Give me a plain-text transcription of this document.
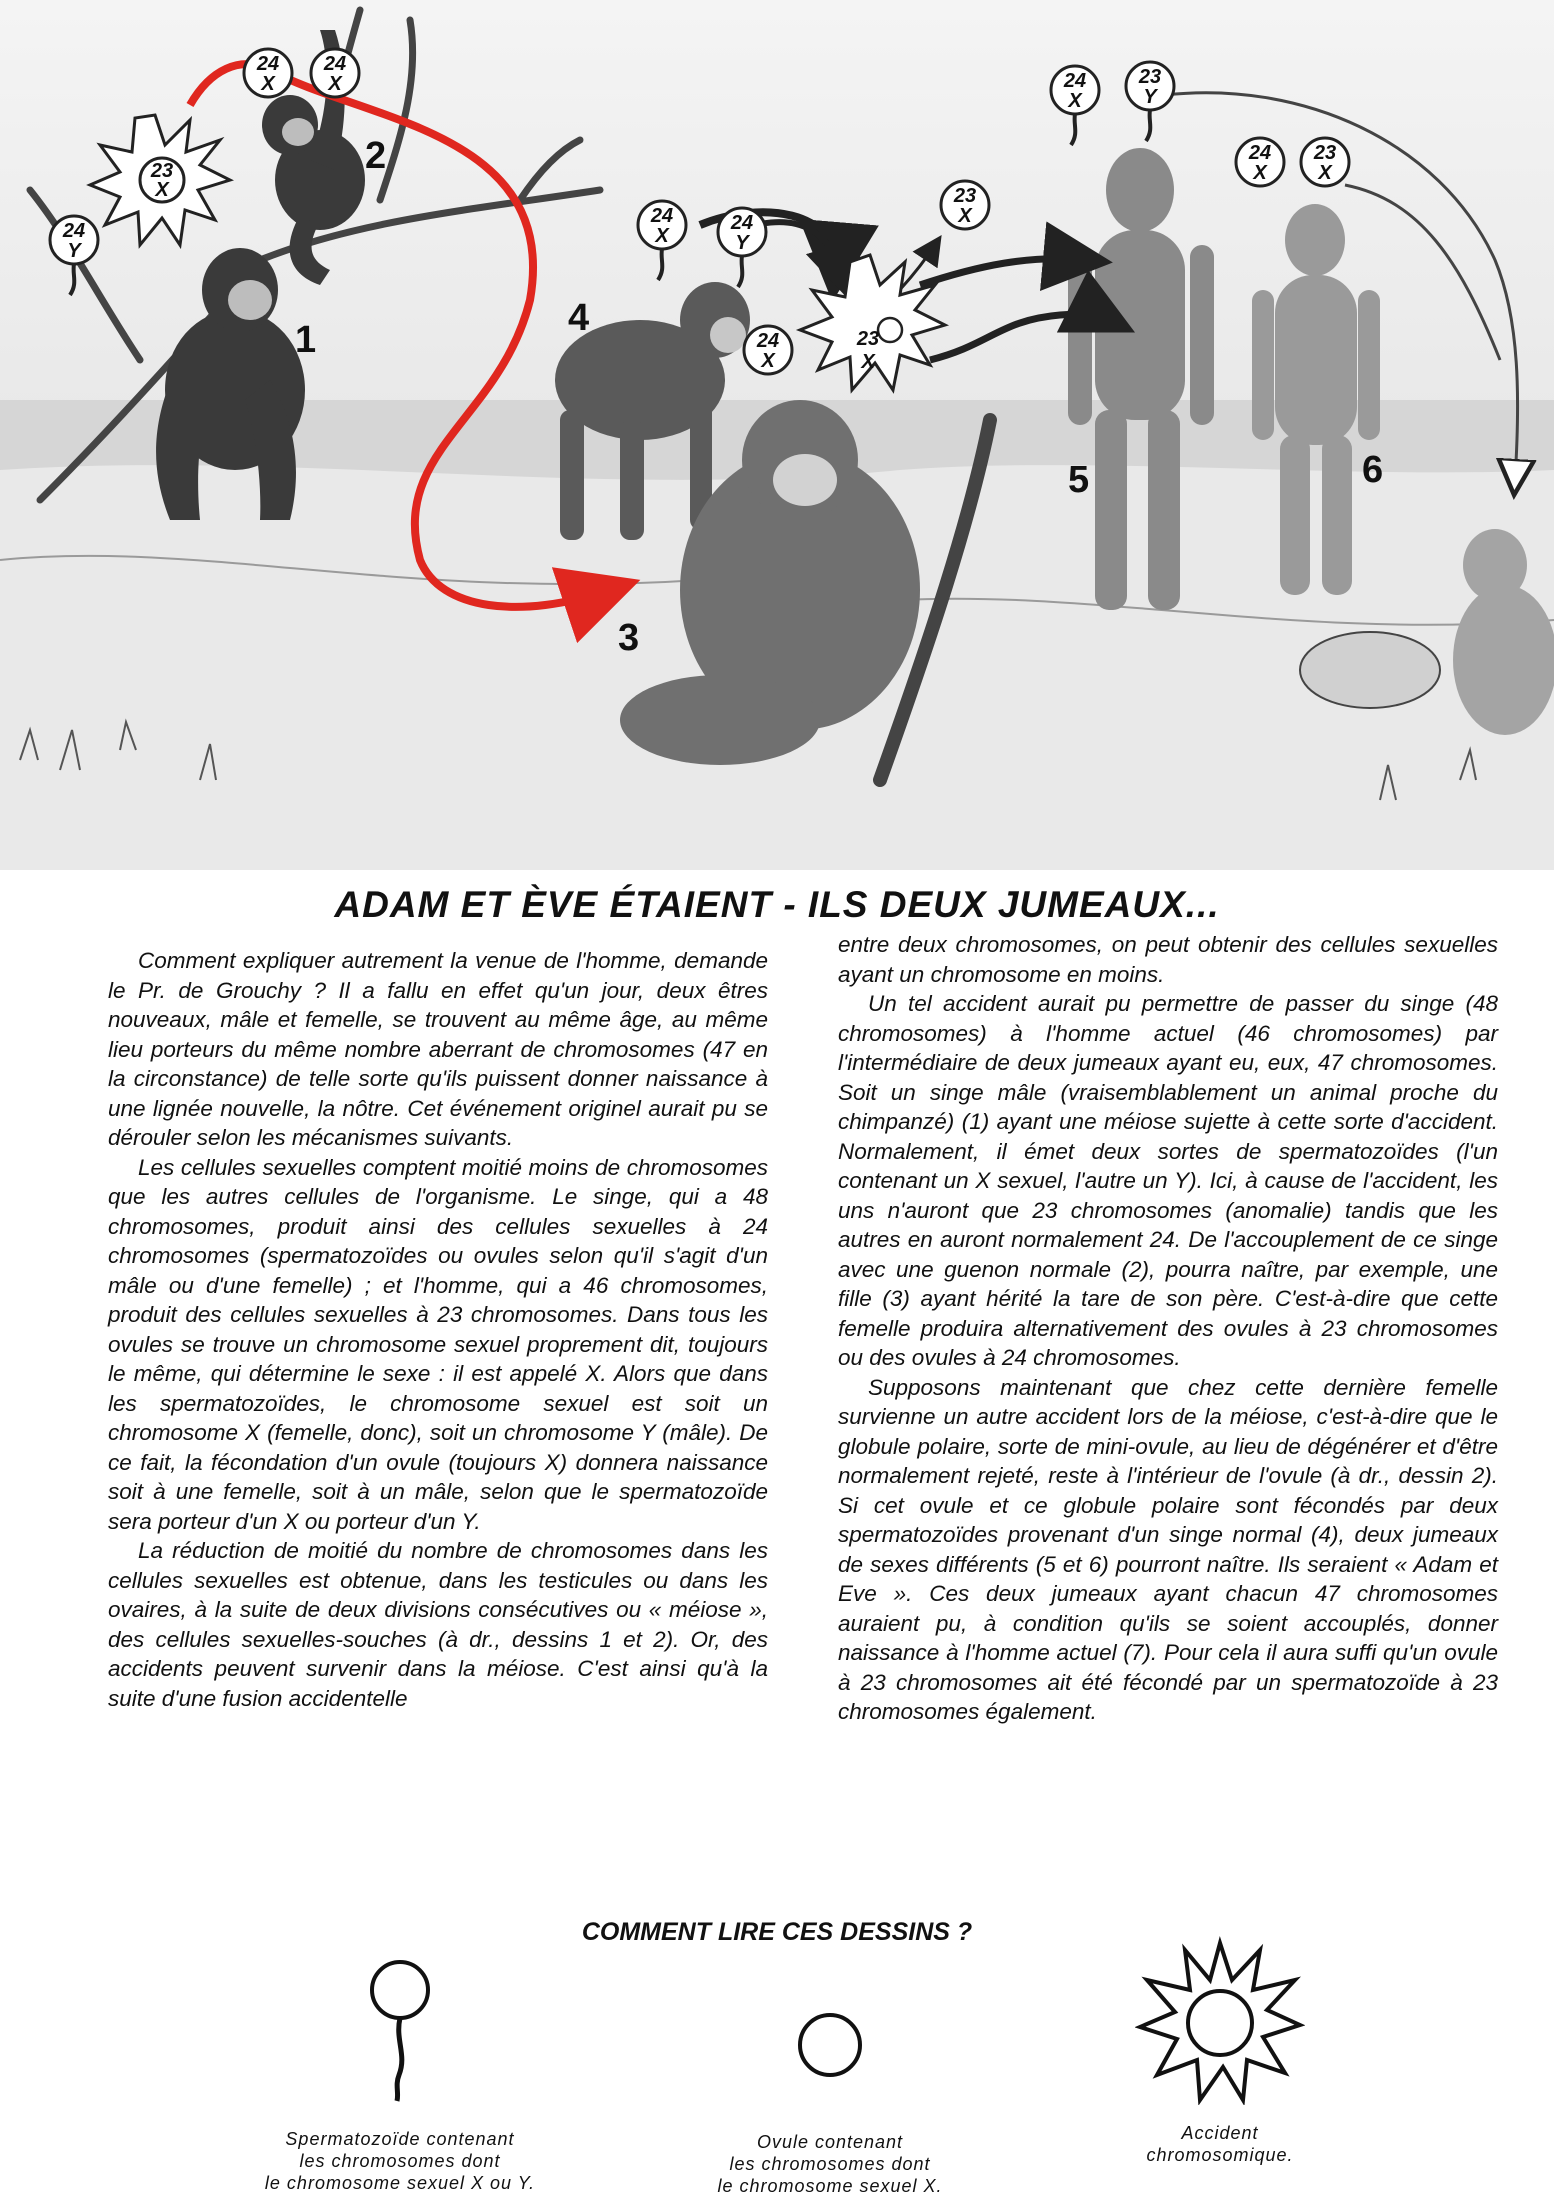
24
X
24
X
23
X
24
Y
24
X
24
Y
23
X
24
X
23
X
24
X
23
Y
24
X
23
X
1
2
3
4
5	6
ADAM ET ÈVE ÉTAIENT - ILS DEUX JUMEAUX...

Comment expliquer autrement la venue de l'homme, demande le Pr. de Grouchy ? Il a fallu en effet qu'un jour, deux êtres nouveaux, mâle et femelle, se trouvent au même âge, au même lieu porteurs du même nombre aberrant de chromosomes (47 en la circonstance) de telle sorte qu'ils puissent donner naissance à une lignée nouvelle, la nôtre. Cet événement originel aurait pu se dérouler selon les mécanismes suivants.

Les cellules sexuelles comptent moitié moins de chromosomes que les autres cellules de l'organisme. Le singe, qui a 48 chromosomes, produit ainsi des cellules sexuelles à 24 chromosomes (spermatozoïdes ou ovules selon qu'il s'agit d'un mâle ou d'une femelle) ; et l'homme, qui a 46 chromosomes, produit des cellules sexuelles à 23 chromosomes. Dans tous les ovules se trouve un chromosome sexuel proprement dit, toujours le même, qui détermine le sexe : il est appelé X. Alors que dans les spermatozoïdes, le chromosome sexuel est soit un chromosome X (femelle, donc), soit un chromosome Y (mâle). De ce fait, la fécondation d'un ovule (toujours X) donnera naissance soit à une femelle, soit à un mâle, selon que le spermatozoïde sera porteur d'un X ou porteur d'un Y.

La réduction de moitié du nombre de chromosomes dans les cellules sexuelles est obtenue, dans les testicules ou dans les ovaires, à la suite de deux divisions consécutives ou « méiose », des cellules sexuelles-souches (à dr., dessins 1 et 2). Or, des accidents peuvent survenir dans la méiose. C'est ainsi qu'à la suite d'une fusion accidentelle

entre deux chromosomes, on peut obtenir des cellules sexuelles ayant un chromosome en moins.

Un tel accident aurait pu permettre de passer du singe (48 chromosomes) à l'homme actuel (46 chromosomes) par l'intermédiaire de deux jumeaux ayant eu, eux, 47 chromosomes. Soit un singe mâle (vraisemblablement un animal proche du chimpanzé) (1) ayant une méiose sujette à cette sorte d'accident. Normalement, il émet deux sortes de spermatozoïdes (l'un contenant un X sexuel, l'autre un Y). Ici, à cause de l'accident, les uns n'auront que 23 chromosomes (anomalie) tandis que les autres en auront normalement 24. De l'accouplement de ce singe avec une guenon normale (2), pourra naître, par exemple, une fille (3) ayant hérité la tare de son père. C'est-à-dire que cette femelle produira alternativement des ovules à 23 chromosomes ou des ovules à 24 chromosomes.

Supposons maintenant que chez cette dernière femelle survienne un autre accident lors de la méiose, c'est-à-dire que le globule polaire, sorte de mini-ovule, au lieu de dégénérer et d'être normalement rejeté, reste à l'intérieur de l'ovule (à dr., dessin 2). Si cet ovule et ce globule polaire sont fécondés par deux spermatozoïdes provenant d'un singe normal (4), deux jumeaux de sexes différents (5 et 6) pourront naître. Ils seraient « Adam et Eve ». Ces deux jumeaux ayant chacun 47 chromosomes auraient pu, à condition qu'ils se soient accouplés, donner naissance à l'homme actuel (7). Pour cela il aura suffi qu'un ovule à 23 chromosomes ait été fécondé par un spermatozoïde à 23 chromosomes également.

COMMENT LIRE CES DESSINS ?
Spermatozoïde contenant
les chromosomes dont
le chromosome sexuel X ou Y.
Ovule contenant
les chromosomes dont
le chromosome sexuel X.
Accident
chromosomique.
